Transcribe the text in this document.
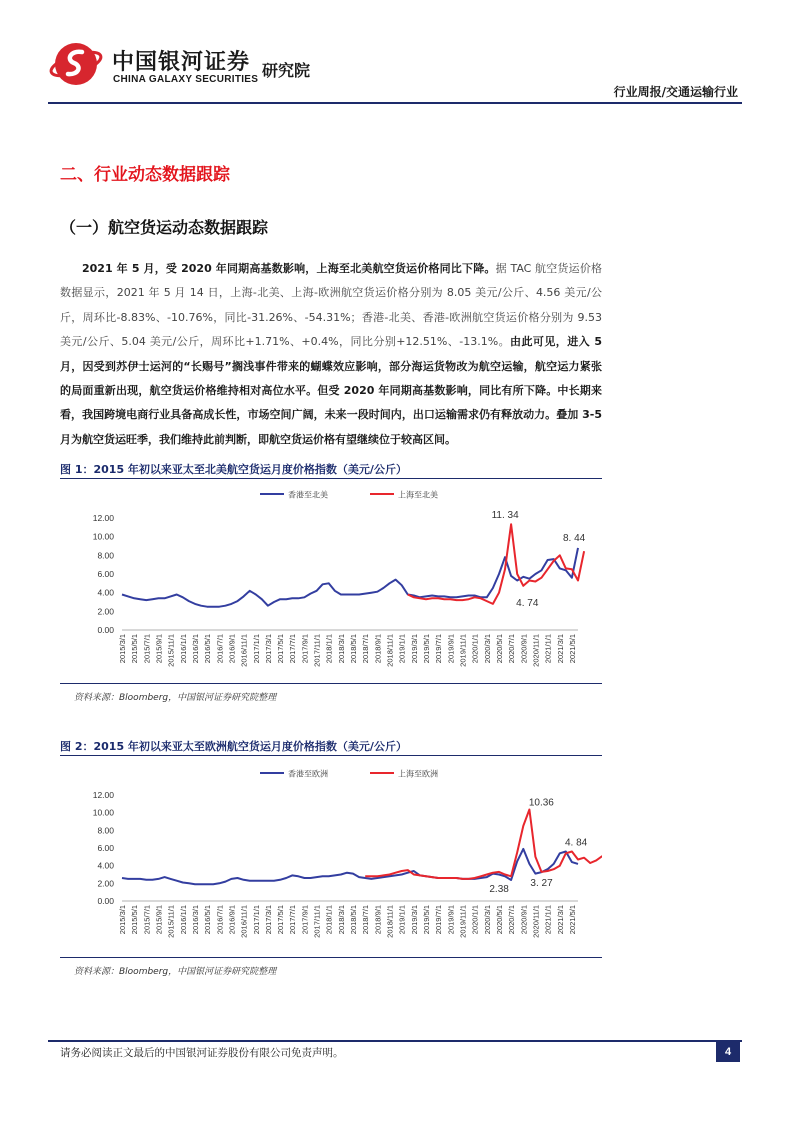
中国银河证券
CHINA GALAXY SECURITIES 研究院
行业周报/交通运输行业
二、行业动态数据跟踪
（一）航空货运动态数据跟踪
2021 年 5 月，受 2020 年同期高基数影响，上海至北美航空货运价格同比下降。据 TAC 航空货运价格数据显示，2021 年 5 月 14 日，上海-北美、上海-欧洲航空货运价格分别为 8.05 美元/公斤、4.56 美元/公斤，周环比-8.83%、-10.76%，同比-31.26%、-54.31%；香港-北美、香港-欧洲航空货运价格分别为 9.53 美元/公斤、5.04 美元/公斤，周环比+1.71%、+0.4%，同比分别+12.51%、-13.1%。由此可见，进入 5 月，因受到苏伊士运河的“长赐号”搁浅事件带来的蝴蝶效应影响，部分海运货物改为航空运输，航空运力紧张的局面重新出现，航空货运价格维持相对高位水平。但受 2020 年同期高基数影响，同比有所下降。中长期来看，我国跨境电商行业具备高成长性，市场空间广阔，未来一段时间内，出口运输需求仍有释放动力。叠加 3-5 月为航空货运旺季，我们维持此前判断，即航空货运价格有望继续位于较高区间。
图 1：2015 年初以来亚太至北美航空货运月度价格指数（美元/公斤）
香港至北美	上海至北美
0.00
2.00
4.00
6.00
8.00
10.00
12.00
2015/3/1 2015/5/1 2015/7/1 2015/9/1 2015/11/1 2016/1/1 2016/3/1 2016/5/1 2016/7/1 2016/9/1 2016/11/1 2017/1/1 2017/3/1 2017/5/1 2017/7/1 2017/9/1 2017/11/1 2018/1/1 2018/3/1 2018/5/1 2018/7/1 2018/9/1 2018/11/1 2019/1/1 2019/3/1 2019/5/1 2019/7/1 2019/9/1 2019/11/1 2020/1/1 2020/3/1 2020/5/1 2020/7/1 2020/9/1 2020/11/1 2021/1/1 2021/3/1 2021/5/1
11. 34
4. 74
8. 44
资料来源：Bloomberg，中国银河证券研究院整理
图 2：2015 年初以来亚太至欧洲航空货运月度价格指数（美元/公斤）
香港至欧洲	上海至欧洲
0.00
2.00
4.00
6.00
8.00
10.00
12.00
2015/3/1 2015/5/1 2015/7/1 2015/9/1 2015/11/1 2016/1/1 2016/3/1 2016/5/1 2016/7/1 2016/9/1 2016/11/1 2017/1/1 2017/3/1 2017/5/1 2017/7/1 2017/9/1 2017/11/1 2018/1/1 2018/3/1 2018/5/1 2018/7/1 2018/9/1 2018/11/1 2019/1/1 2019/3/1 2019/5/1 2019/7/1 2019/9/1 2019/11/1 2020/1/1 2020/3/1 2020/5/1 2020/7/1 2020/9/1 2020/11/1 2021/1/1 2021/3/1 2021/5/1
2.38
10.36
3. 27
4. 84
资料来源：Bloomberg，中国银河证券研究院整理
请务必阅读正文最后的中国银河证券股份有限公司免责声明。	4
